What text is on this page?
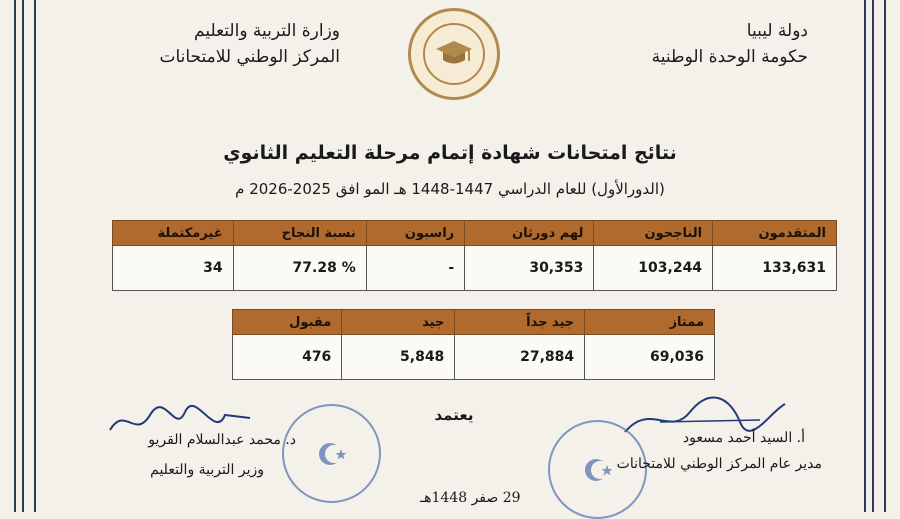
دولة ليبيا
حكومة الوحدة الوطنية
وزارة التربية والتعليم
المركز الوطني للامتحانات
نتائج امتحانات شهادة إتمام مرحلة التعليم الثانوي
(الدورالأول) للعام الدراسي 1447-1448 هـ المو افق 2025-2026 م
المتقدمون	الناجحون	لهم دورثان	راسبون	نسبة النجاح	غيرمكتملة
133,631	103,244	30,353	-	% 77.28	34
ممتاز	جيد جداً	جيد	مقبول
69,036	27,884	5,848	476
يعتمد
أ. السيد أحمد مسعود
مدير عام المركز الوطني للامتحانات
د. محمد عبدالسلام القريو
وزير التربية والتعليم
29 صفر 1448هـ
